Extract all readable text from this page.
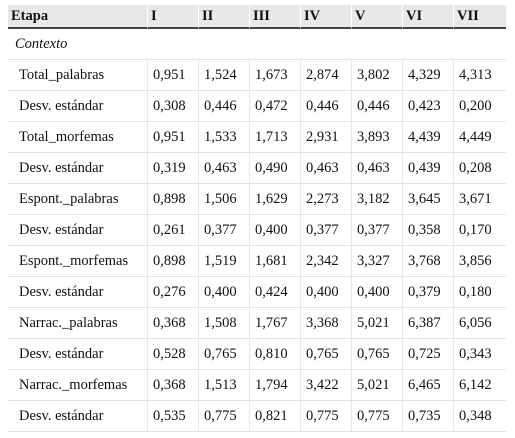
Etapa	I	II	III	IV	V	VI	VII
Contexto							
Total_palabras	0,951	1,524	1,673	2,874	3,802	4,329	4,313
Desv. estándar	0,308	0,446	0,472	0,446	0,446	0,423	0,200
Total_morfemas	0,951	1,533	1,713	2,931	3,893	4,439	4,449
Desv. estándar	0,319	0,463	0,490	0,463	0,463	0,439	0,208
Espont._palabras	0,898	1,506	1,629	2,273	3,182	3,645	3,671
Desv. estándar	0,261	0,377	0,400	0,377	0,377	0,358	0,170
Espont._morfemas	0,898	1,519	1,681	2,342	3,327	3,768	3,856
Desv. estándar	0,276	0,400	0,424	0,400	0,400	0,379	0,180
Narrac._palabras	0,368	1,508	1,767	3,368	5,021	6,387	6,056
Desv. estándar	0,528	0,765	0,810	0,765	0,765	0,725	0,343
Narrac._morfemas	0,368	1,513	1,794	3,422	5,021	6,465	6,142
Desv. estándar	0,535	0,775	0,821	0,775	0,775	0,735	0,348
